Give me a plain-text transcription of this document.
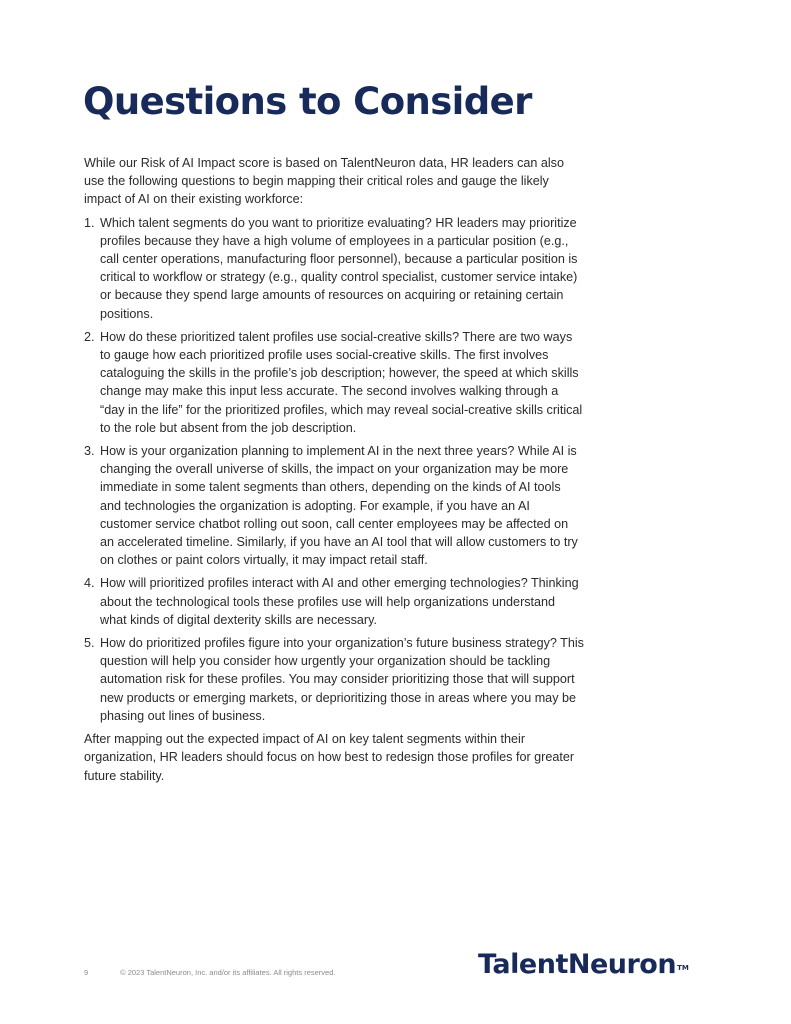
Questions to Consider

While our Risk of AI Impact score is based on TalentNeuron data, HR leaders can also use the following questions to begin mapping their critical roles and gauge the likely impact of AI on their existing workforce:

1. Which talent segments do you want to prioritize evaluating? HR leaders may prioritize profiles because they have a high volume of employees in a particular position (e.g., call center operations, manufacturing floor personnel), because a particular position is critical to workflow or strategy (e.g., quality control specialist, customer service intake) or because they spend large amounts of resources on acquiring or retaining certain positions.
2. How do these prioritized talent profiles use social-creative skills? There are two ways to gauge how each prioritized profile uses social-creative skills. The first involves cataloguing the skills in the profile’s job description; however, the speed at which skills change may make this input less accurate. The second involves walking through a “day in the life” for the prioritized profiles, which may reveal social-creative skills critical to the role but absent from the job description.
3. How is your organization planning to implement AI in the next three years? While AI is changing the overall universe of skills, the impact on your organization may be more immediate in some talent segments than others, depending on the kinds of AI tools and technologies the organization is adopting. For example, if you have an AI customer service chatbot rolling out soon, call center employees may be affected on an accelerated timeline. Similarly, if you have an AI tool that will allow customers to try on clothes or paint colors virtually, it may impact retail staff.
4. How will prioritized profiles interact with AI and other emerging technologies? Thinking about the technological tools these profiles use will help organizations understand what kinds of digital dexterity skills are necessary.
5. How do prioritized profiles figure into your organization’s future business strategy? This question will help you consider how urgently your organization should be tackling automation risk for these profiles. You may consider prioritizing those that will support new products or emerging markets, or deprioritizing those in areas where you may be phasing out lines of business.

After mapping out the expected impact of AI on key talent segments within their organization, HR leaders should focus on how best to redesign those profiles for greater future stability.

9	© 2023 TalentNeuron, Inc. and/or its affiliates. All rights reserved.	TalentNeuron™
